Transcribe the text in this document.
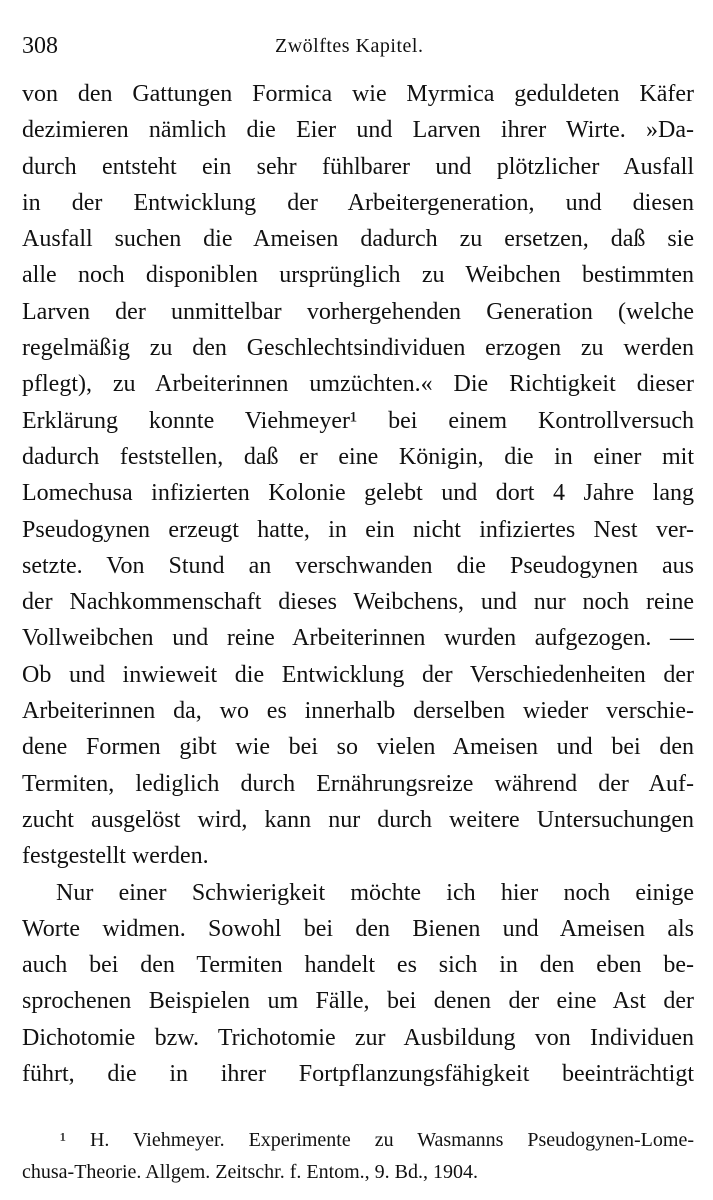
308	Zwölftes Kapitel.
von den Gattungen Formica wie Myrmica geduldeten Käfer
dezimieren nämlich die Eier und Larven ihrer Wirte. »Da-
durch entsteht ein sehr fühlbarer und plötzlicher Ausfall
in der Entwicklung der Arbeitergeneration, und diesen
Ausfall suchen die Ameisen dadurch zu ersetzen, daß sie
alle noch disponiblen ursprünglich zu Weibchen bestimmten
Larven der unmittelbar vorhergehenden Generation (welche
regelmäßig zu den Geschlechtsindividuen erzogen zu werden
pflegt), zu Arbeiterinnen umzüchten.« Die Richtigkeit dieser
Erklärung konnte Viehmeyer¹ bei einem Kontrollversuch
dadurch feststellen, daß er eine Königin, die in einer mit
Lomechusa infizierten Kolonie gelebt und dort 4 Jahre lang
Pseudogynen erzeugt hatte, in ein nicht infiziertes Nest ver-
setzte. Von Stund an verschwanden die Pseudogynen aus
der Nachkommenschaft dieses Weibchens, und nur noch reine
Vollweibchen und reine Arbeiterinnen wurden aufgezogen. —
Ob und inwieweit die Entwicklung der Verschiedenheiten der
Arbeiterinnen da, wo es innerhalb derselben wieder verschie-
dene Formen gibt wie bei so vielen Ameisen und bei den
Termiten, lediglich durch Ernährungsreize während der Auf-
zucht ausgelöst wird, kann nur durch weitere Untersuchungen
festgestellt werden.
Nur einer Schwierigkeit möchte ich hier noch einige
Worte widmen. Sowohl bei den Bienen und Ameisen als
auch bei den Termiten handelt es sich in den eben be-
sprochenen Beispielen um Fälle, bei denen der eine Ast der
Dichotomie bzw. Trichotomie zur Ausbildung von Individuen
führt, die in ihrer Fortpflanzungsfähigkeit beeinträchtigt
¹ H. Viehmeyer. Experimente zu Wasmanns Pseudogynen-Lome-
chusa-Theorie. Allgem. Zeitschr. f. Entom., 9. Bd., 1904.
